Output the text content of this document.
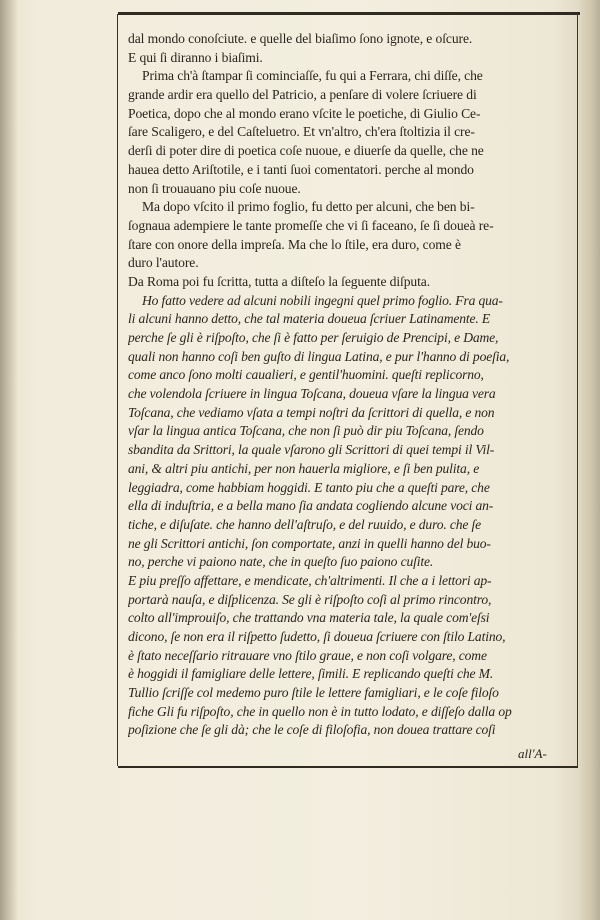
dal mondo conoſciute. e quelle del biaſimo ſono ignote, e oſcure.
E qui ſi diranno i biaſimi.
Prima ch'à ſtampar ſi cominciaſſe, fu qui a Ferrara, chi diſſe, che
grande ardir era quello del Patricio, a penſare di volere ſcriuere di
Poetica, dopo che al mondo erano vſcite le poetiche, di Giulio Ce-
ſare Scaligero, e del Caſteluetro. Et vn'altro, ch'era ſtoltizia il cre-
derſi di poter dire di poetica coſe nuoue, e diuerſe da quelle, che ne
hauea detto Ariſtotile, e i tanti ſuoi comentatori. perche al mondo
non ſi trouauano piu coſe nuoue.
Ma dopo vſcito il primo foglio, fu detto per alcuni, che ben bi-
ſognaua adempiere le tante promeſſe che vi ſi faceano, ſe ſi doueà re-
ſtare con onore della impreſa. Ma che lo ſtile, era duro, come è
duro l'autore.
Da Roma poi fu ſcritta, tutta a diſteſo la ſeguente diſputa.
Ho fatto vedere ad alcuni nobili ingegni quel primo foglio. Fra qua-
li alcuni hanno detto, che tal materia doueua ſcriuer Latinamente. E
perche ſe gli è riſpoſto, che ſi è fatto per ſeruigio de Prencipi, e Dame,
quali non hanno coſi ben guſto di lingua Latina, e pur l'hanno di poeſia,
come anco ſono molti caualieri, e gentil'huomini. queſti replicorno,
che volendola ſcriuere in lingua Toſcana, doueua vſare la lingua vera
Toſcana, che vediamo vſata a tempi noſtri da ſcrittori di quella, e non
vſar la lingua antica Toſcana, che non ſi può dir piu Toſcana, ſendo
sbandita da Srittori, la quale vſarono gli Scrittori di quei tempi il Vil-
ani, & altri piu antichi, per non hauerla migliore, e ſi ben pulita, e
leggiadra, come habbiam hoggidi. E tanto piu che a queſti pare, che
ella di induſtria, e a bella mano ſia andata cogliendo alcune voci an-
tiche, e diſuſate. che hanno dell'aſtruſo, e del ruuido, e duro. che ſe
ne gli Scrittori antichi, ſon comportate, anzi in quelli hanno del buo-
no, perche vi paiono nate, che in queſto ſuo paiono cuſite.
E piu preſſo affettare, e mendicate, ch'altrimenti. Il che a i lettori ap-
portarà nauſa, e diſplicenza. Se gli è riſpoſto coſi al primo rincontro,
colto all'improuiſo, che trattando vna materia tale, la quale com'eſsi
dicono, ſe non era il riſpetto ſudetto, ſi doueua ſcriuere con ſtilo Latino,
è ſtato neceſſario ritrauare vno ſtilo graue, e non coſi volgare, come
è hoggidi il famigliare delle lettere, ſimili. E replicando queſti che M.
Tullio ſcriſſe col medemo puro ſtile le lettere famigliari, e le coſe filoſo
fiche Gli fu riſpoſto, che in quello non è in tutto lodato, e diſſeſo dalla op
poſizione che ſe gli dà; che le coſe di filoſofia, non douea trattare coſi
all'A-
